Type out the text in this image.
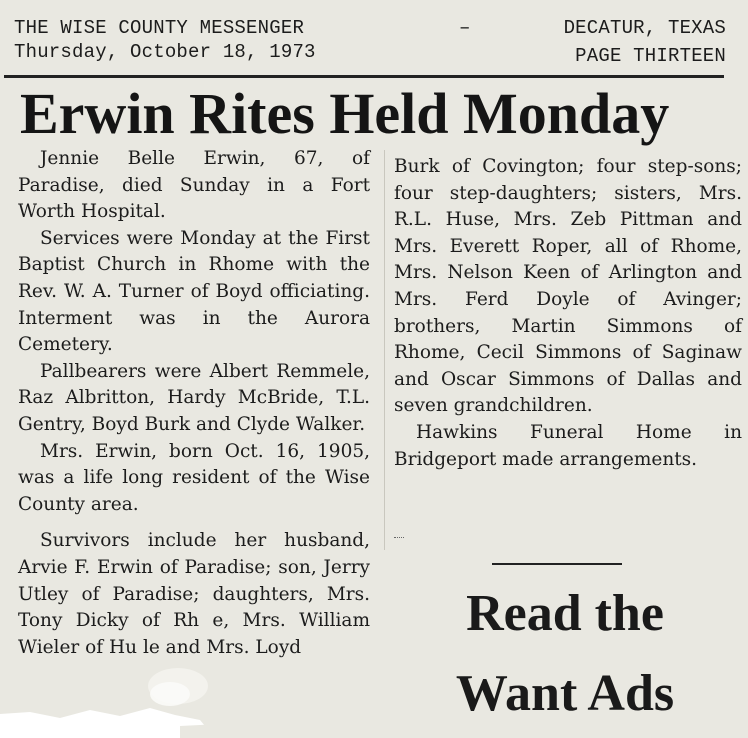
THE WISE COUNTY MESSENGER	–	DECATUR, TEXAS
Thursday, October 18, 1973	PAGE THIRTEEN
Erwin Rites Held Monday

Jennie Belle Erwin, 67, of Paradise, died Sunday in a Fort Worth Hospital.

Services were Monday at the First Baptist Church in Rhome with the Rev. W. A. Turner of Boyd officiating. Interment was in the Aurora Cemetery.

Pallbearers were Albert Remmele, Raz Albritton, Hardy McBride, T.L. Gentry, Boyd Burk and Clyde Walker.

Mrs. Erwin, born Oct. 16, 1905, was a life long resident of the Wise County area.

Survivors include her husband, Arvie F. Erwin of Paradise; son, Jerry Utley of Paradise; daughters, Mrs. Tony Dicky of Rh e, Mrs. William Wieler of Hu le and Mrs. Loyd

Burk of Covington; four step-sons; four step-daughters; sisters, Mrs. R.L. Huse, Mrs. Zeb Pittman and Mrs. Everett Roper, all of Rhome, Mrs. Nelson Keen of Arlington and Mrs. Ferd Doyle of Avinger; brothers, Martin Simmons of Rhome, Cecil Simmons of Saginaw and Oscar Simmons of Dallas and seven grandchildren.

Hawkins Funeral Home in Bridgeport made arrangements.

Read the
Want Ads
